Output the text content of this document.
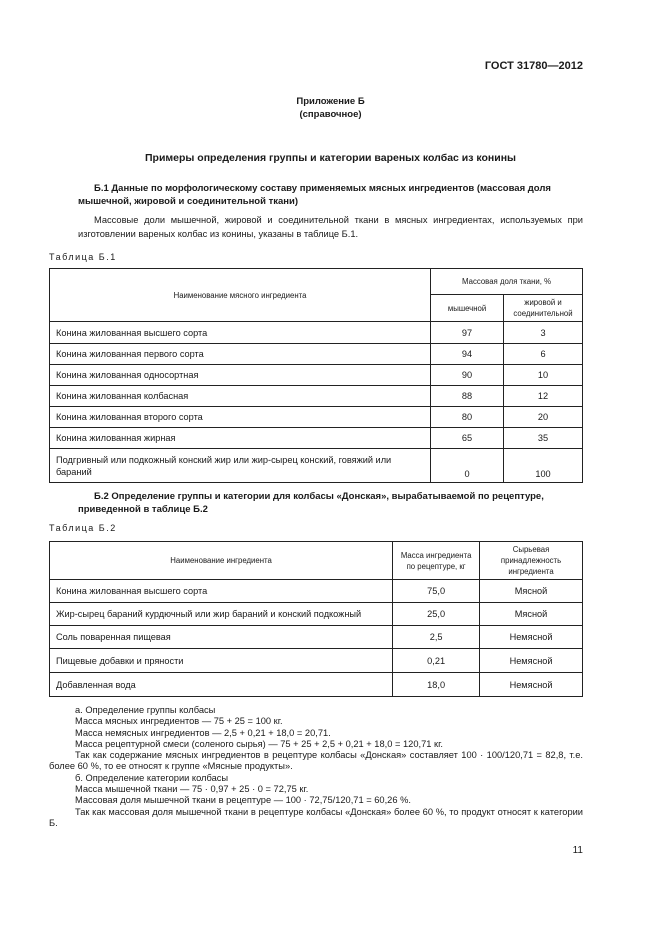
ГОСТ 31780—2012
Приложение Б
(справочное)
Примеры определения группы и категории вареных колбас из конины
Б.1 Данные по морфологическому составу применяемых мясных ингредиентов (массовая доля мышечной, жировой и соединительной ткани)
Массовые доли мышечной, жировой и соединительной ткани в мясных ингредиентах, используемых при изготовлении вареных колбас из конины, указаны в таблице Б.1.
Таблица Б.1
Наименование мясного ингредиента	Массовая доля ткани, %	
	мышечной	жировой и соединительной
Конина жилованная высшего сорта	97	3
Конина жилованная первого сорта	94	6
Конина жилованная односортная	90	10
Конина жилованная колбасная	88	12
Конина жилованная второго сорта	80	20
Конина жилованная жирная	65	35
Подгривный или подкожный конский жир или жир-сырец конский, говяжий или бараний	0	100
Б.2 Определение группы и категории для колбасы «Донская», вырабатываемой по рецептуре, приведенной в таблице Б.2
Таблица Б.2
Наименование ингредиента	Масса ингредиента по рецептуре, кг	Сырьевая принадлежность ингредиента
Конина жилованная высшего сорта	75,0	Мясной
Жир-сырец бараний курдючный или жир бараний и конский подкожный	25,0	Мясной
Соль поваренная пищевая	2,5	Немясной
Пищевые добавки и пряности	0,21	Немясной
Добавленная вода	18,0	Немясной
а. Определение группы колбасы
Масса мясных ингредиентов — 75 + 25 = 100 кг.
Масса немясных ингредиентов — 2,5 + 0,21 + 18,0 = 20,71.
Масса рецептурной смеси (соленого сырья) — 75 + 25 + 2,5 + 0,21 + 18,0 = 120,71 кг.
Так как содержание мясных ингредиентов в рецептуре колбасы «Донская» составляет 100 · 100/120,71 = 82,8, т.е. более 60 %, то ее относят к группе «Мясные продукты».
б. Определение категории колбасы
Масса мышечной ткани — 75 · 0,97 + 25 · 0 = 72,75 кг.
Массовая доля мышечной ткани в рецептуре — 100 · 72,75/120,71 = 60,26 %.
Так как массовая доля мышечной ткани в рецептуре колбасы «Донская» более 60 %, то продукт относят к категории Б.
11
